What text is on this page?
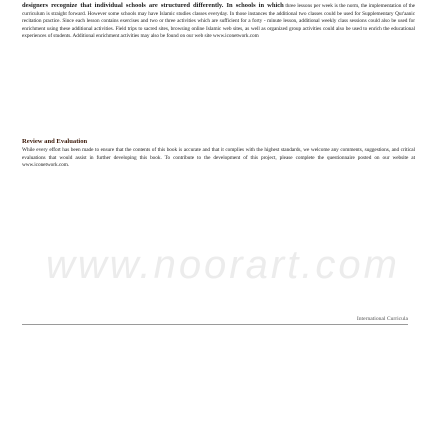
designers recognize that individual schools are structured differently. In schools in which three lessons per week is the norm, the implementation of the curriculum is straight forward. However some schools may have Islamic studies classes everyday. In those instances the additional two classes could be used for Supplementary Qur'aanic recitation practice. Since each lesson contains exercises and two or three activities which are sufficient for a forty - minute lesson, additional weekly class sessions could also be used for enrichment using these additional activities. Field trips to sacred sites, browsing online Islamic web sites, as well as organized group activities could also be used to enrich the educational experiences of students. Additional enrichment activities may also be found on our web site www.iconetwork.com
Review and Evaluation
While every effort has been made to ensure that the contents of this book is accurate and that it complies with the highest standards, we welcome any comments, suggestions, and critical evaluations that would assist in further developing this book. To contribute to the development of this project, please complete the questionnaire posted on our website at www.iconetwork.com.
www.noorart.com
International Curricula
